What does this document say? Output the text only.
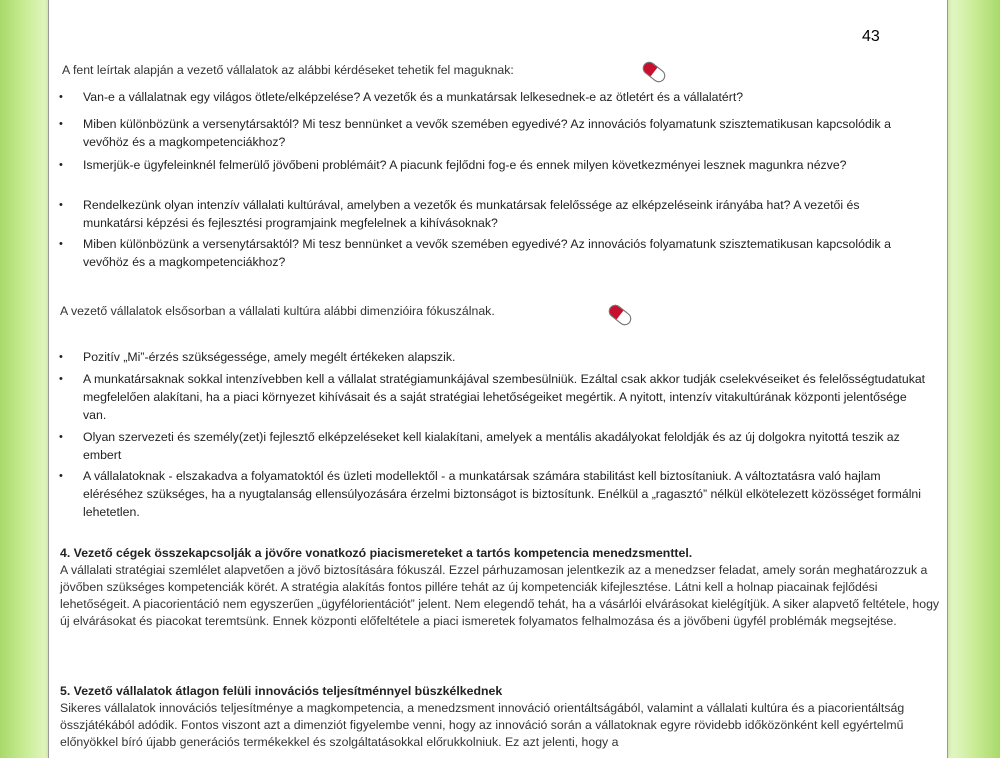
43
A fent leírtak alapján a vezető vállalatok az alábbi kérdéseket tehetik fel maguknak:
• Van-e a vállalatnak egy világos ötlete/elképzelése? A vezetők és a munkatársak lelkesednek-e az ötletért és a vállalatért?
• Miben különbözünk a versenytársaktól? Mi tesz bennünket a vevők szemében egyedivé? Az innovációs folyamatunk szisztematikusan kapcsolódik a vevőhöz és a magkompetenciákhoz?
• Ismerjük-e ügyfeleinknél felmerülő jövőbeni problémáit? A piacunk fejlődni fog-e és ennek milyen következményei lesznek magunkra nézve?
• Rendelkezünk olyan intenzív vállalati kultúrával, amelyben a vezetők és munkatársak felelőssége az elképzeléseink irányába hat? A vezetői és munkatársi képzési és fejlesztési programjaink megfelelnek a kihívásoknak?
• Miben különbözünk a versenytársaktól? Mi tesz bennünket a vevők szemében egyedivé? Az innovációs folyamatunk szisztematikusan kapcsolódik a vevőhöz és a magkompetenciákhoz?
A vezető vállalatok elsősorban a vállalati kultúra alábbi dimenzióira fókuszálnak.
• Pozitív „Mi”-érzés szükségessége, amely megélt értékeken alapszik.
• A munkatársaknak sokkal intenzívebben kell a vállalat stratégiamunkájával szembesülniük. Ezáltal csak akkor tudják cselekvéseiket és felelősségtudatukat megfelelően alakítani, ha a piaci környezet kihívásait és a saját stratégiai lehetőségeiket megértik. A nyitott, intenzív vitakultúrának központi jelentősége van.
• Olyan szervezeti és személy(zet)i fejlesztő elképzeléseket kell kialakítani, amelyek a mentális akadályokat feloldják és az új dolgokra nyitottá teszik az embert
• A vállalatoknak - elszakadva a folyamatoktól és üzleti modellektől - a munkatársak számára stabilitást kell biztosítaniuk. A változtatásra való hajlam eléréséhez szükséges, ha a nyugtalanság ellensúlyozására érzelmi biztonságot is biztosítunk. Enélkül a „ragasztó” nélkül elkötelezett közösséget formálni lehetetlen.
4. Vezető cégek összekapcsolják a jövőre vonatkozó piacismereteket a tartós kompetencia menedzsmenttel.
A vállalati stratégiai szemlélet alapvetően a jövő biztosítására fókuszál. Ezzel párhuzamosan jelentkezik az a menedzser feladat, amely során meghatározzuk a jövőben szükséges kompetenciák körét. A stratégia alakítás fontos pillére tehát az új kompetenciák kifejlesztése. Látni kell a holnap piacainak fejlődési lehetőségeit. A piacorientáció nem egyszerűen „ügyfélorientációt” jelent. Nem elegendő tehát, ha a vásárlói elvárásokat kielégítjük. A siker alapvető feltétele, hogy új elvárásokat és piacokat teremtsünk. Ennek központi előfeltétele a piaci ismeretek folyamatos felhalmozása és a jövőbeni ügyfél problémák megsejtése.
5. Vezető vállalatok átlagon felüli innovációs teljesítménnyel büszkélkednek
Sikeres vállalatok innovációs teljesítménye a magkompetencia, a menedzsment innováció orientáltságából, valamint a vállalati kultúra és a piacorientáltság összjátékából adódik. Fontos viszont azt a dimenziót figyelembe venni, hogy az innováció során a vállatoknak egyre rövidebb időközönként kell egyértelmű előnyökkel bíró újabb generációs termékekkel és szolgáltatásokkal előrukkolniuk. Ez azt jelenti, hogy a
